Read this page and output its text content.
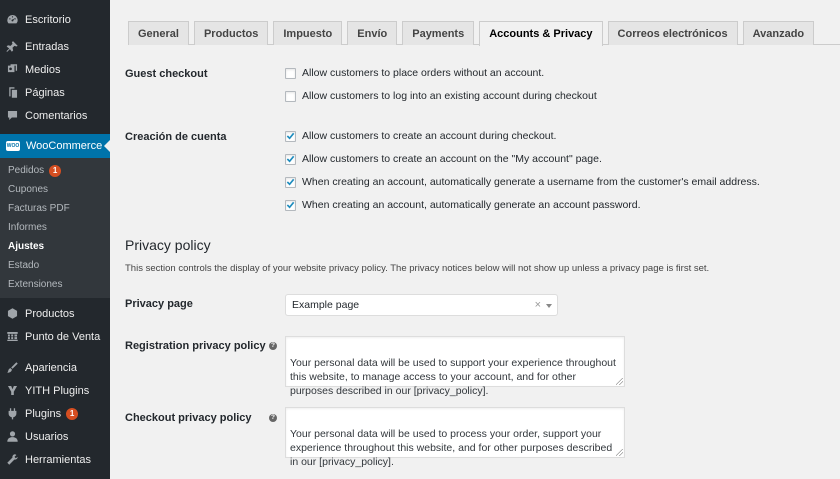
Escritorio
Entradas
Medios
Páginas
Comentarios
WOO WooCommerce
Pedidos	1
Cupones
Facturas PDF
Informes
Ajustes
Estado
Extensiones
Productos
Punto de Venta
Apariencia
YITH Plugins
Plugins	1
Usuarios
Herramientas
General	Productos	Impuesto	Envío	Payments	Accounts & Privacy	Correos electrónicos	Avanzado
Guest checkout	Allow customers to place orders without an account.
Allow customers to log into an existing account during checkout
Creación de cuenta	Allow customers to create an account during checkout.
Allow customers to create an account on the "My account" page.
When creating an account, automatically generate a username from the customer's email address.
When creating an account, automatically generate an account password.
Privacy policy
This section controls the display of your website privacy policy. The privacy notices below will not show up unless a privacy page is first set.
Privacy page	Example page	×
Registration privacy policy ?

Your personal data will be used to support your experience throughout this website, to manage access to your account, and for other purposes described in our [privacy_policy].

Checkout privacy policy	?

Your personal data will be used to process your order, support your experience throughout this website, and for other purposes described in our [privacy_policy].
